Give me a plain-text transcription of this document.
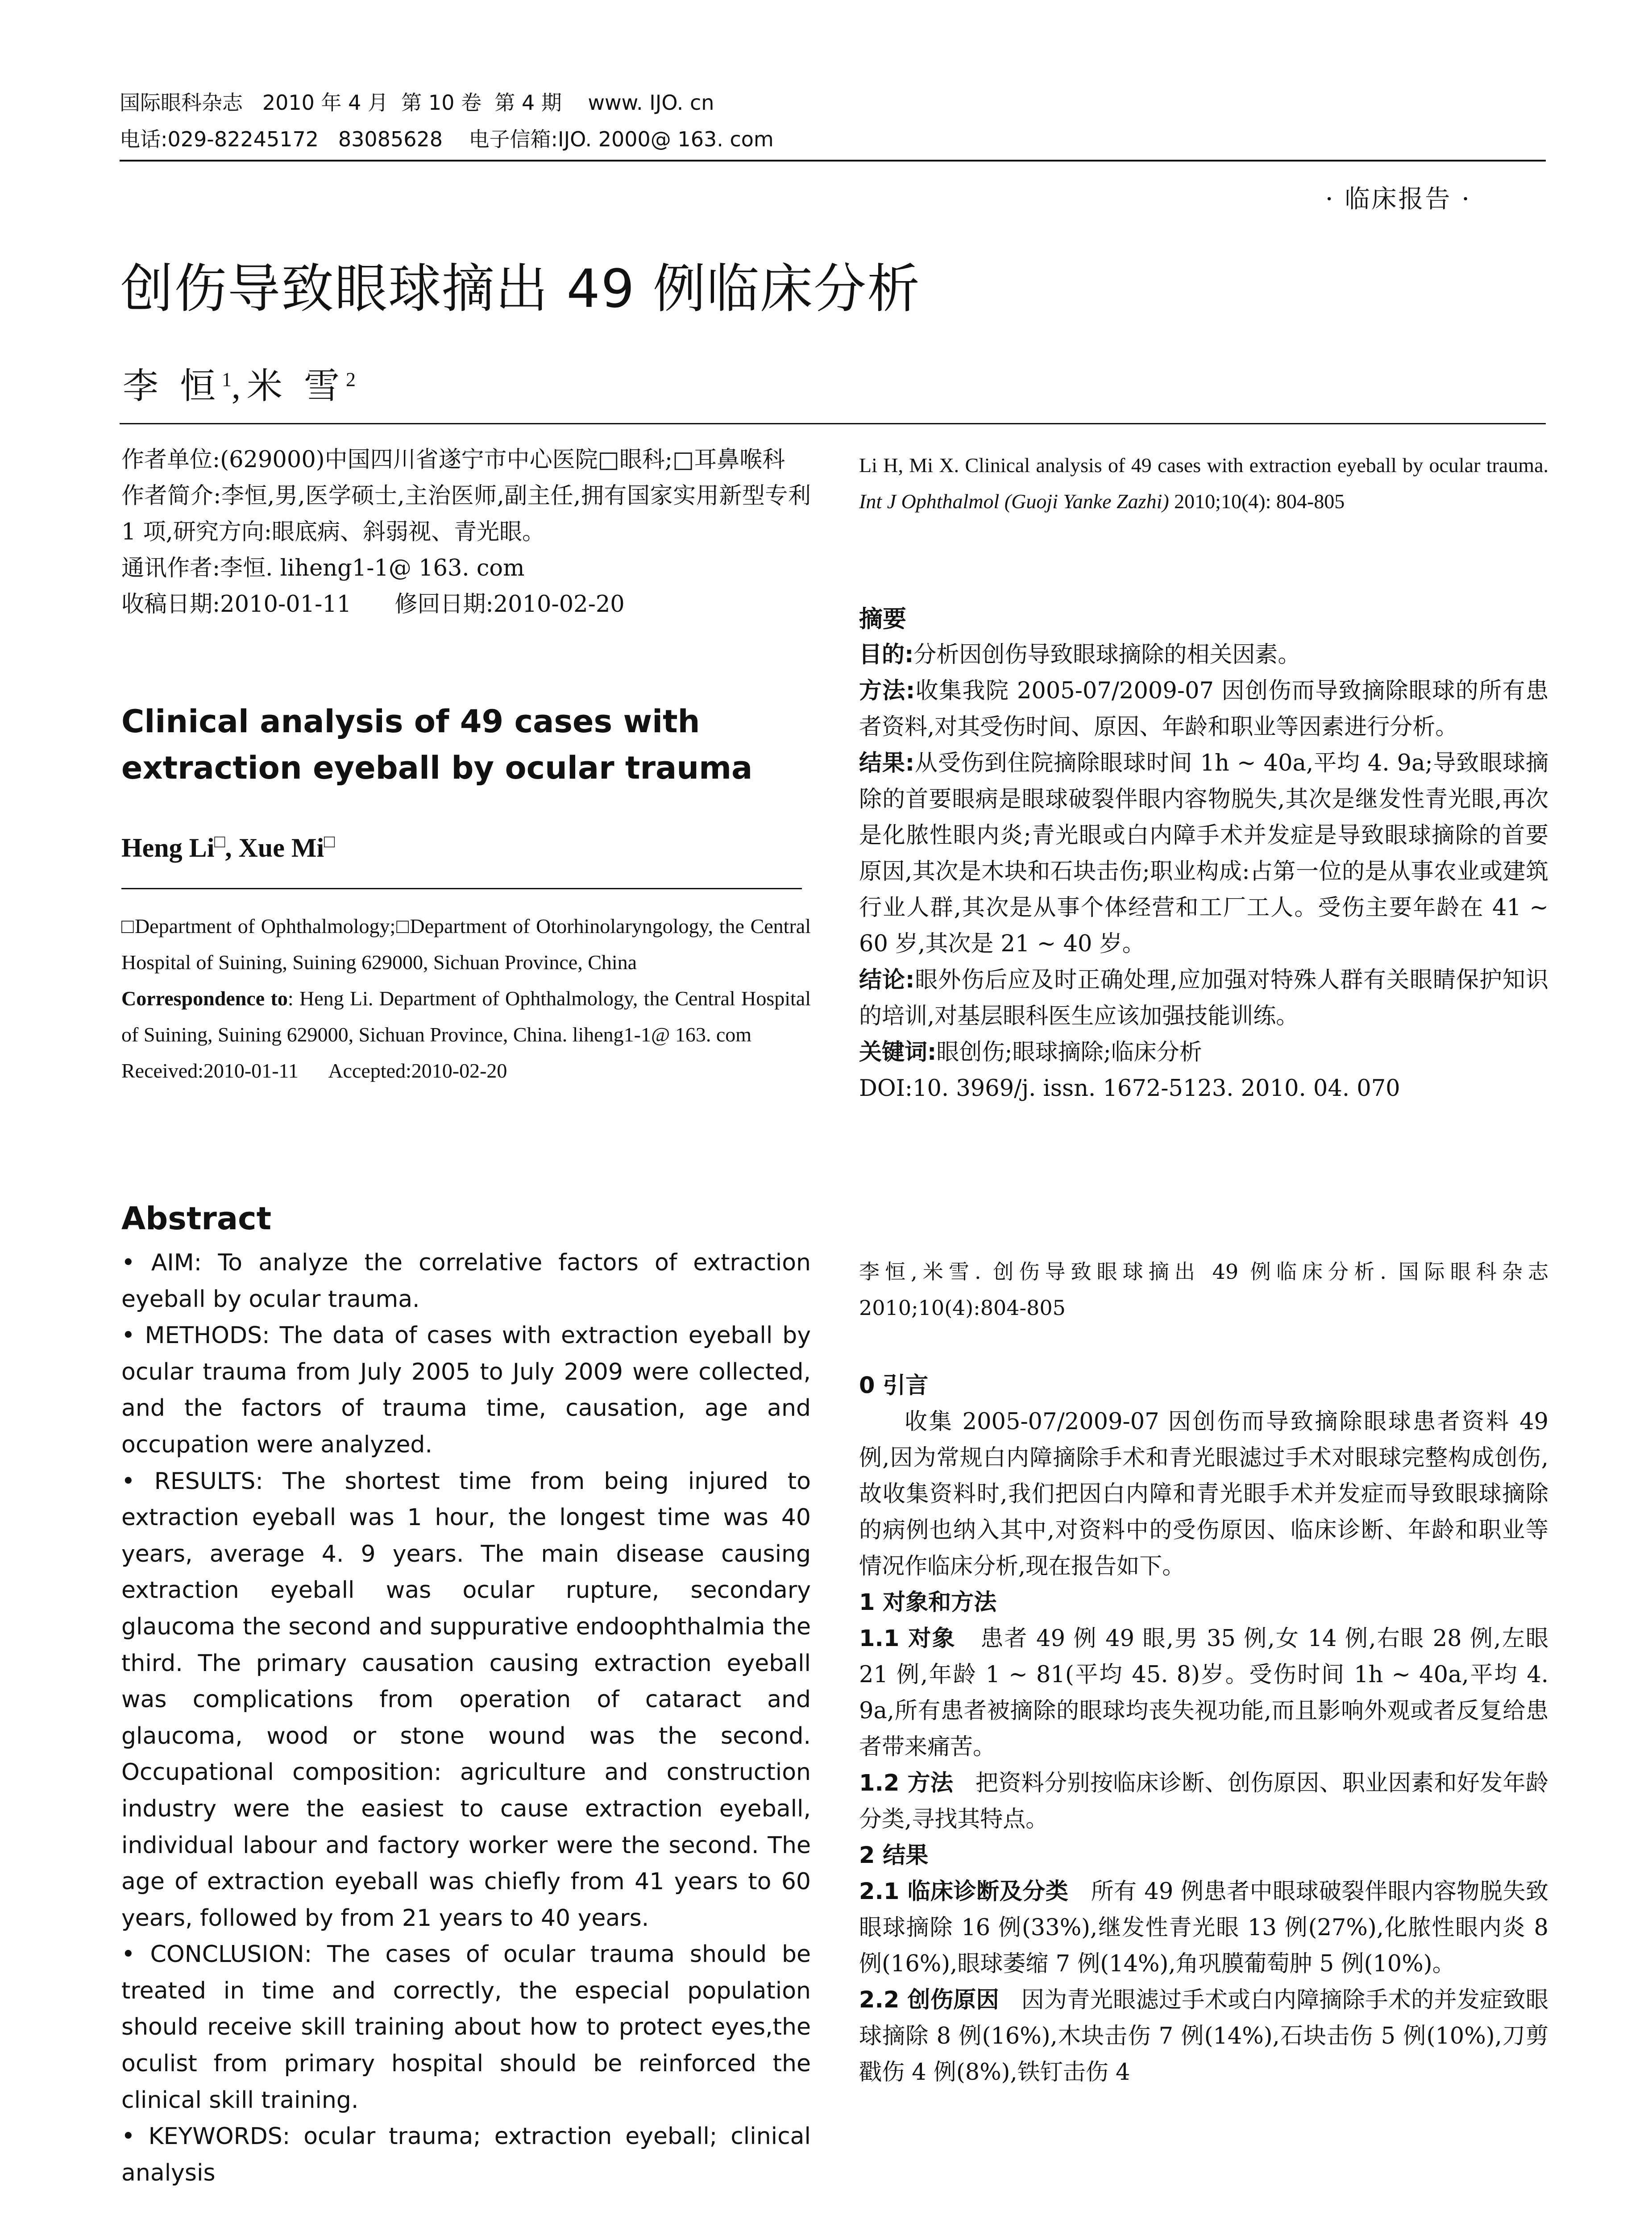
国际眼科杂志   2010 年 4 月  第 10 卷  第 4 期    www. IJO. cn
电话:029-82245172   83085628    电子信箱:IJO. 2000@ 163. com
· 临床报告 ·
创伤导致眼球摘出 49 例临床分析
李 恒$^1$,米 雪$^2$

作者单位:(629000)中国四川省遂宁市中心医院□眼科;□耳鼻喉科

作者简介:李恒,男,医学硕士,主治医师,副主任,拥有国家实用新型专利 1 项,研究方向:眼底病、斜弱视、青光眼。

通讯作者:李恒. liheng1-1@ 163. com

收稿日期:2010-01-11 修回日期:2010-02-20

Clinical analysis of 49 cases with extraction eyeball by ocular trauma
Heng Li□, Xue Mi□

□Department of Ophthalmology;□Department of Otorhinolaryngology, the Central Hospital of Suining, Suining 629000, Sichuan Province, China

Correspondence to: Heng Li. Department of Ophthalmology, the Central Hospital of Suining, Suining 629000, Sichuan Province, China. liheng1-1@ 163. com

Received:2010-01-11 Accepted:2010-02-20

Abstract

• AIM: To analyze the correlative factors of extraction eyeball by ocular trauma.

• METHODS: The data of cases with extraction eyeball by ocular trauma from July 2005 to July 2009 were collected, and the factors of trauma time, causation, age and occupation were analyzed.

• RESULTS: The shortest time from being injured to extraction eyeball was 1 hour, the longest time was 40 years, average 4. 9 years. The main disease causing extraction eyeball was ocular rupture, secondary glaucoma the second and suppurative endoophthalmia the third. The primary causation causing extraction eyeball was complications from operation of cataract and glaucoma, wood or stone wound was the second. Occupational composition: agriculture and construction industry were the easiest to cause extraction eyeball, individual labour and factory worker were the second. The age of extraction eyeball was chiefly from 41 years to 60 years, followed by from 21 years to 40 years.

• CONCLUSION: The cases of ocular trauma should be treated in time and correctly, the especial population should receive skill training about how to protect eyes,the oculist from primary hospital should be reinforced the clinical skill training.

• KEYWORDS: ocular trauma; extraction eyeball; clinical analysis

Li H, Mi X. Clinical analysis of 49 cases with extraction eyeball by ocular trauma. Int J Ophthalmol (Guoji Yanke Zazhi) 2010;10(4): 804-805

摘要

目的:分析因创伤导致眼球摘除的相关因素。

方法:收集我院 2005-07/2009-07 因创伤而导致摘除眼球的所有患者资料,对其受伤时间、原因、年龄和职业等因素进行分析。

结果:从受伤到住院摘除眼球时间 1h ~ 40a,平均 4. 9a;导致眼球摘除的首要眼病是眼球破裂伴眼内容物脱失,其次是继发性青光眼,再次是化脓性眼内炎;青光眼或白内障手术并发症是导致眼球摘除的首要原因,其次是木块和石块击伤;职业构成:占第一位的是从事农业或建筑行业人群,其次是从事个体经营和工厂工人。受伤主要年龄在 41 ~ 60 岁,其次是 21 ~ 40 岁。

结论:眼外伤后应及时正确处理,应加强对特殊人群有关眼睛保护知识的培训,对基层眼科医生应该加强技能训练。

关键词:眼创伤;眼球摘除;临床分析

DOI:10. 3969/j. issn. 1672-5123. 2010. 04. 070

李恒,米雪. 创伤导致眼球摘出 49 例临床分析. 国际眼科杂志 2010;10(4):804-805

0 引言

收集 2005-07/2009-07 因创伤而导致摘除眼球患者资料 49 例,因为常规白内障摘除手术和青光眼滤过手术对眼球完整构成创伤,故收集资料时,我们把因白内障和青光眼手术并发症而导致眼球摘除的病例也纳入其中,对资料中的受伤原因、临床诊断、年龄和职业等情况作临床分析,现在报告如下。

1 对象和方法

1.1 对象 患者 49 例 49 眼,男 35 例,女 14 例,右眼 28 例,左眼 21 例,年龄 1 ~ 81(平均 45. 8)岁。受伤时间 1h ~ 40a,平均 4. 9a,所有患者被摘除的眼球均丧失视功能,而且影响外观或者反复给患者带来痛苦。

1.2 方法 把资料分别按临床诊断、创伤原因、职业因素和好发年龄分类,寻找其特点。

2 结果

2.1 临床诊断及分类 所有 49 例患者中眼球破裂伴眼内容物脱失致眼球摘除 16 例(33%),继发性青光眼 13 例(27%),化脓性眼内炎 8 例(16%),眼球萎缩 7 例(14%),角巩膜葡萄肿 5 例(10%)。

2.2 创伤原因 因为青光眼滤过手术或白内障摘除手术的并发症致眼球摘除 8 例(16%),木块击伤 7 例(14%),石块击伤 5 例(10%),刀剪戳伤 4 例(8%),铁钉击伤 4
